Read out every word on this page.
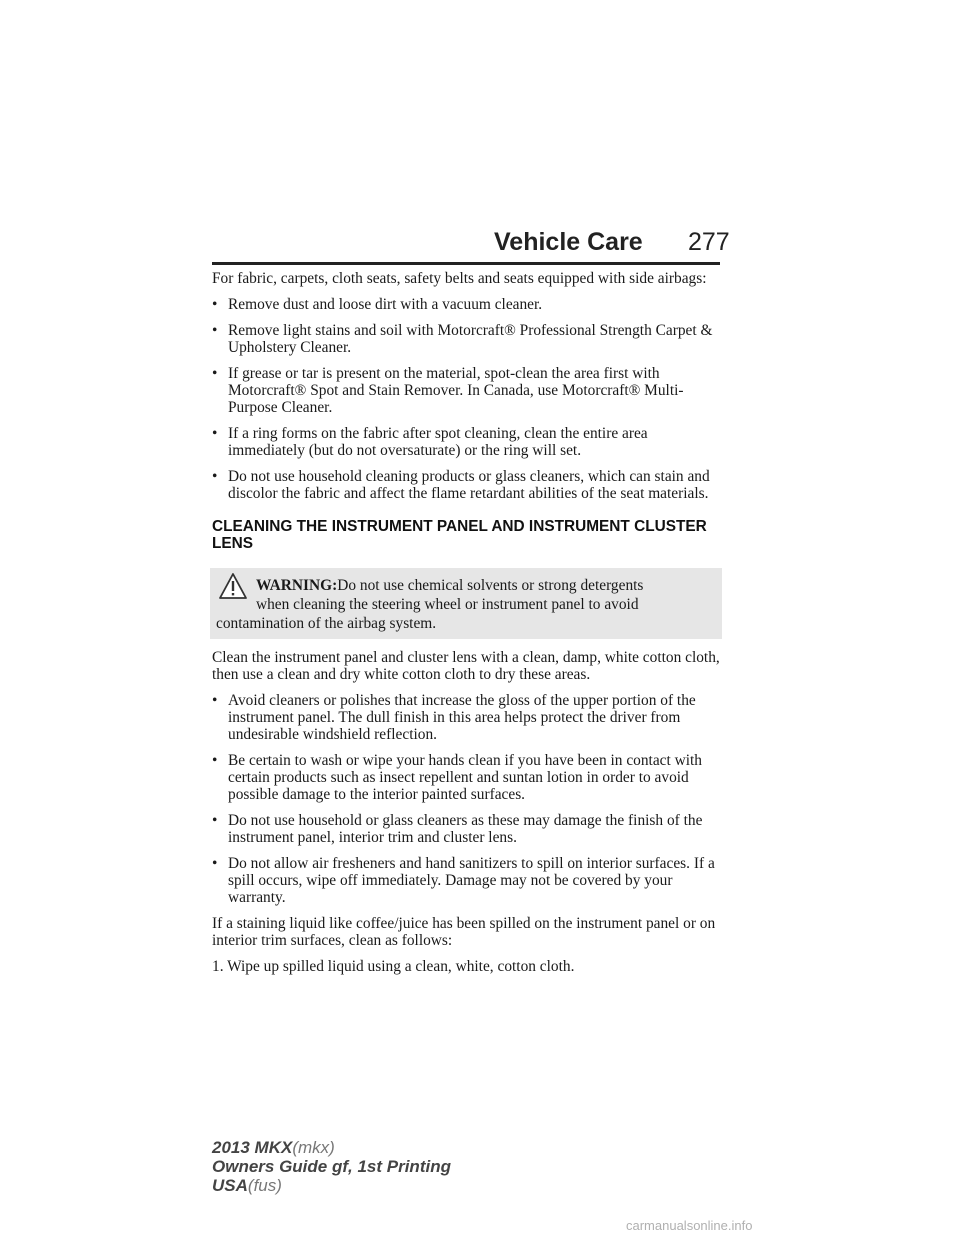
Vehicle Care 277

For fabric, carpets, cloth seats, safety belts and seats equipped with side airbags:

• Remove dust and loose dirt with a vacuum cleaner.
• Remove light stains and soil with Motorcraft® Professional Strength Carpet & Upholstery Cleaner.
• If grease or tar is present on the material, spot-clean the area first with Motorcraft® Spot and Stain Remover. In Canada, use Motorcraft® Multi-Purpose Cleaner.
• If a ring forms on the fabric after spot cleaning, clean the entire area immediately (but do not oversaturate) or the ring will set.
• Do not use household cleaning products or glass cleaners, which can stain and discolor the fabric and affect the flame retardant abilities of the seat materials.
CLEANING THE INSTRUMENT PANEL AND INSTRUMENT CLUSTER LENS
WARNING:Do not use chemical solvents or strong detergents
when cleaning the steering wheel or instrument panel to avoid
contamination of the airbag system.

Clean the instrument panel and cluster lens with a clean, damp, white cotton cloth, then use a clean and dry white cotton cloth to dry these areas.

• Avoid cleaners or polishes that increase the gloss of the upper portion of the instrument panel. The dull finish in this area helps protect the driver from undesirable windshield reflection.
• Be certain to wash or wipe your hands clean if you have been in contact with certain products such as insect repellent and suntan lotion in order to avoid possible damage to the interior painted surfaces.
• Do not use household or glass cleaners as these may damage the finish of the instrument panel, interior trim and cluster lens.
• Do not allow air fresheners and hand sanitizers to spill on interior surfaces. If a spill occurs, wipe off immediately. Damage may not be covered by your warranty.

If a staining liquid like coffee/juice has been spilled on the instrument panel or on interior trim surfaces, clean as follows:

1. Wipe up spilled liquid using a clean, white, cotton cloth.

2013 MKX(mkx)
Owners Guide gf, 1st Printing
USA(fus)
carmanualsonline.info
